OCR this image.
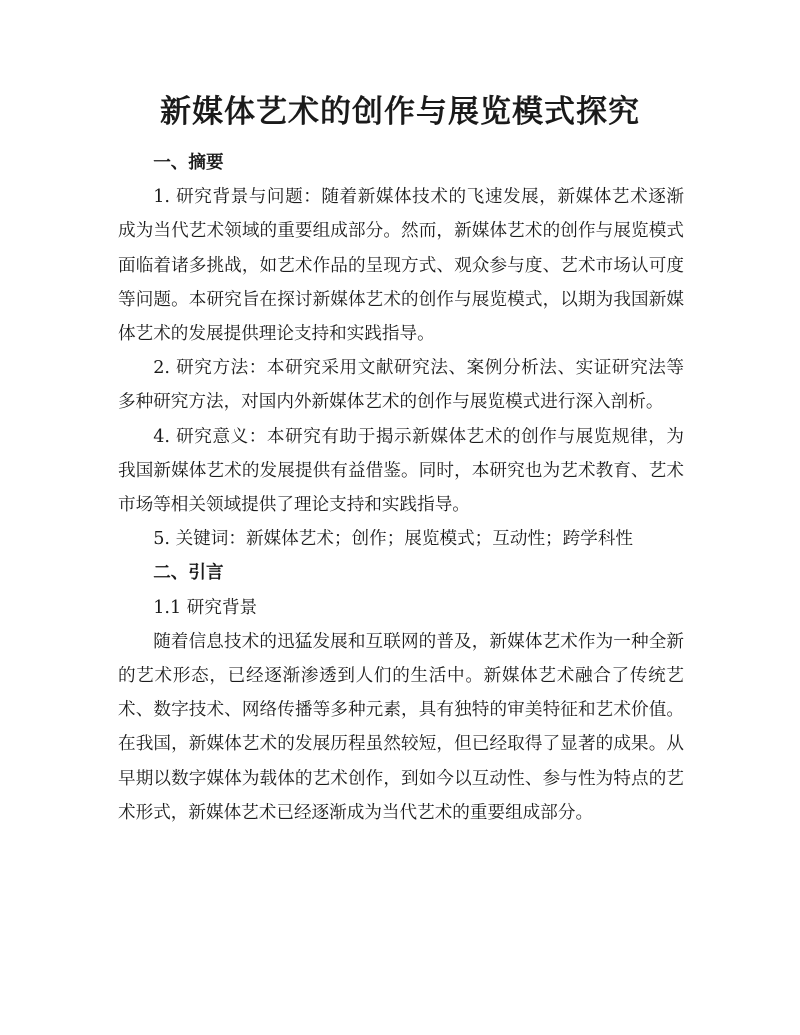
新媒体艺术的创作与展览模式探究

一、摘要

1. 研究背景与问题：随着新媒体技术的飞速发展，新媒体艺术逐渐成为当代艺术领域的重要组成部分。然而，新媒体艺术的创作与展览模式面临着诸多挑战，如艺术作品的呈现方式、观众参与度、艺术市场认可度等问题。本研究旨在探讨新媒体艺术的创作与展览模式，以期为我国新媒体艺术的发展提供理论支持和实践指导。

2. 研究方法：本研究采用文献研究法、案例分析法、实证研究法等多种研究方法，对国内外新媒体艺术的创作与展览模式进行深入剖析。

4. 研究意义：本研究有助于揭示新媒体艺术的创作与展览规律，为我国新媒体艺术的发展提供有益借鉴。同时，本研究也为艺术教育、艺术市场等相关领域提供了理论支持和实践指导。

5. 关键词：新媒体艺术；创作；展览模式；互动性；跨学科性

二、引言

1.1 研究背景

随着信息技术的迅猛发展和互联网的普及，新媒体艺术作为一种全新的艺术形态，已经逐渐渗透到人们的生活中。新媒体艺术融合了传统艺术、数字技术、网络传播等多种元素，具有独特的审美特征和艺术价值。在我国，新媒体艺术的发展历程虽然较短，但已经取得了显著的成果。从早期以数字媒体为载体的艺术创作，到如今以互动性、参与性为特点的艺术形式，新媒体艺术已经逐渐成为当代艺术的重要组成部分。
